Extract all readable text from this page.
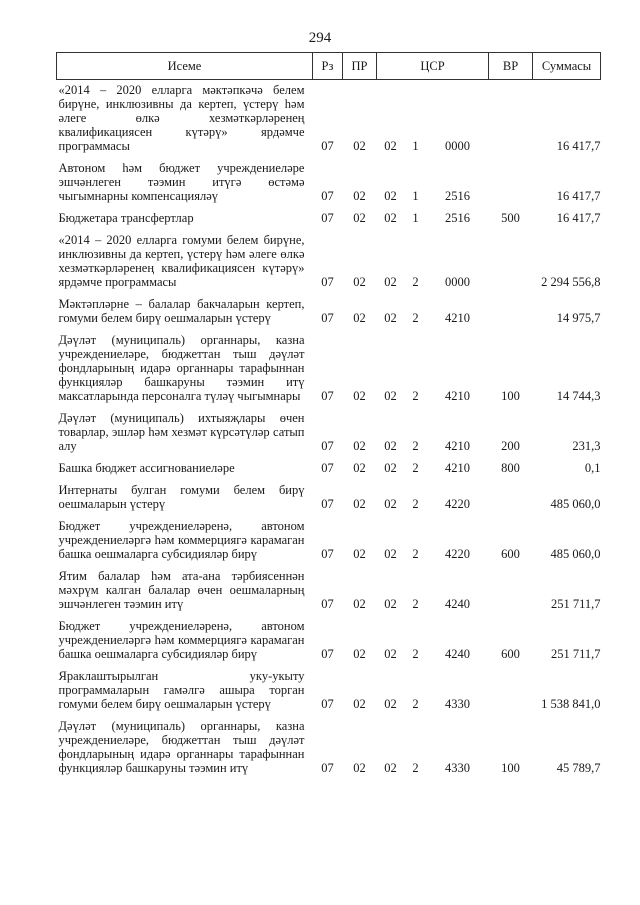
294
Исеме	Рз	ПР	ЦСР			ВР	Суммасы
«2014 – 2020 елларга мәктәпкәчә белем бирүне, инклюзивны да кертеп, үстерү һәм әлеге өлкә хезмәткәрләренең квалификациясен күтәрү» ярдәмче программасы	07	02	02	1	0000		16 417,7
Автоном һәм бюджет учреждениеләре эшчәнлеген тәэмин итүгә өстәмә чыгымнарны компенсацияләү	07	02	02	1	2516		16 417,7
Бюджетара трансфертлар	07	02	02	1	2516	500	16 417,7
«2014 – 2020 елларга гомуми белем бирүне, инклюзивны да кертеп, үстерү һәм әлеге өлкә хезмәткәрләренең квалификациясен күтәрү» ярдәмче программасы	07	02	02	2	0000		2 294 556,8
Мәктәпләрне – балалар бакчаларын кертеп, гомуми белем бирү оешмаларын үстерү	07	02	02	2	4210		14 975,7
Дәүләт (муниципаль) органнары, казна учреждениеләре, бюджеттан тыш дәүләт фондларының идарә органнары тарафыннан функцияләр башкаруны тәэмин итү максатларында персоналга түләү чыгымнары	07	02	02	2	4210	100	14 744,3
Дәүләт (муниципаль) ихтыяҗлары өчен товарлар, эшләр һәм хезмәт күрсәтүләр сатып алу	07	02	02	2	4210	200	231,3
Башка бюджет ассигнованиеләре	07	02	02	2	4210	800	0,1
Интернаты булган гомуми белем бирү оешмаларын үстерү	07	02	02	2	4220		485 060,0
Бюджет учреждениеләренә, автоном учреждениеләргә һәм коммерциягә карамаган башка оешмаларга субсидияләр бирү	07	02	02	2	4220	600	485 060,0
Ятим балалар һәм ата-ана тәрбиясеннән мәхрүм калган балалар өчен оешмаларның эшчәнлеген тәэмин итү	07	02	02	2	4240		251 711,7
Бюджет учреждениеләренә, автоном учреждениеләргә һәм коммерциягә карамаган башка оешмаларга субсидияләр бирү	07	02	02	2	4240	600	251 711,7
Яраклаштырылган уку-укыту программаларын гамәлгә ашыра торган гомуми белем бирү оешмаларын үстерү	07	02	02	2	4330		1 538 841,0
Дәүләт (муниципаль) органнары, казна учреждениеләре, бюджеттан тыш дәүләт фондларының идарә органнары тарафыннан функцияләр башкаруны тәэмин итү	07	02	02	2	4330	100	45 789,7
